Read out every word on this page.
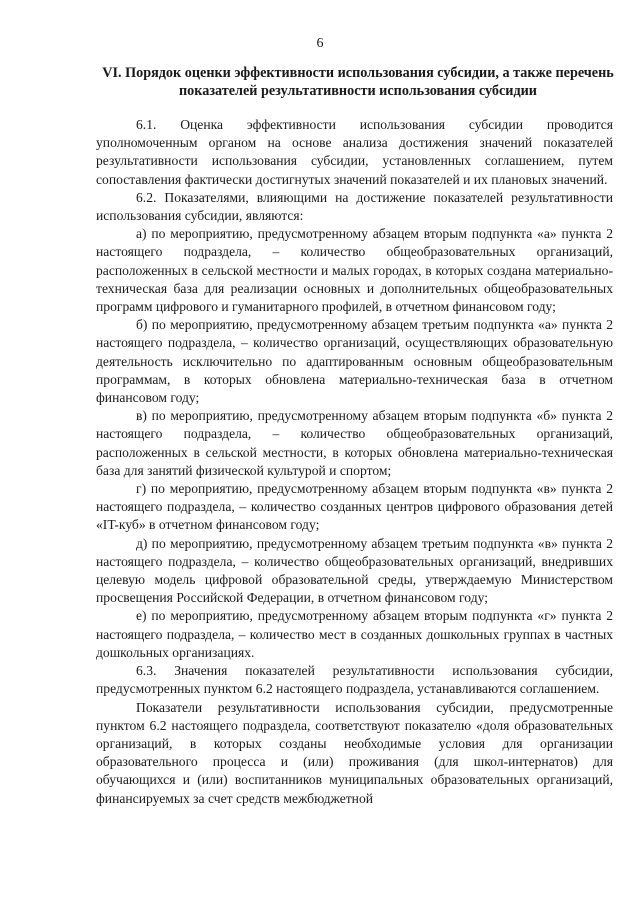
6
VI. Порядок оценки эффективности использования субсидии, а также перечень показателей результативности использования субсидии

6.1. Оценка эффективности использования субсидии проводится уполномоченным органом на основе анализа достижения значений показателей результативности использования субсидии, установленных соглашением, путем сопоставления фактически достигнутых значений показателей и их плановых значений.

6.2. Показателями, влияющими на достижение показателей результативности использования субсидии, являются:

а) по мероприятию, предусмотренному абзацем вторым подпункта «а» пункта 2 настоящего подраздела, – количество общеобразовательных организаций, расположенных в сельской местности и малых городах, в которых создана материально-техническая база для реализации основных и дополнительных общеобразовательных программ цифрового и гуманитарного профилей, в отчетном финансовом году;

б) по мероприятию, предусмотренному абзацем третьим подпункта «а» пункта 2 настоящего подраздела, – количество организаций, осуществляющих образовательную деятельность исключительно по адаптированным основным общеобразовательным программам, в которых обновлена материально-техническая база в отчетном финансовом году;

в) по мероприятию, предусмотренному абзацем вторым подпункта «б» пункта 2 настоящего подраздела, – количество общеобразовательных организаций, расположенных в сельской местности, в которых обновлена материально-техническая база для занятий физической культурой и спортом;

г) по мероприятию, предусмотренному абзацем вторым подпункта «в» пункта 2 настоящего подраздела, – количество созданных центров цифрового образования детей «IT-куб» в отчетном финансовом году;

д) по мероприятию, предусмотренному абзацем третьим подпункта «в» пункта 2 настоящего подраздела, – количество общеобразовательных организаций, внедривших целевую модель цифровой образовательной среды, утверждаемую Министерством просвещения Российской Федерации, в отчетном финансовом году;

е) по мероприятию, предусмотренному абзацем вторым подпункта «г» пункта 2 настоящего подраздела, – количество мест в созданных дошкольных группах в частных дошкольных организациях.

6.3. Значения показателей результативности использования субсидии, предусмотренных пунктом 6.2 настоящего подраздела, устанавливаются соглашением.

Показатели результативности использования субсидии, предусмотренные пунктом 6.2 настоящего подраздела, соответствуют показателю «доля образовательных организаций, в которых созданы необходимые условия для организации образовательного процесса и (или) проживания (для школ-интернатов) для обучающихся и (или) воспитанников муниципальных образовательных организаций, финансируемых за счет средств межбюджетной
